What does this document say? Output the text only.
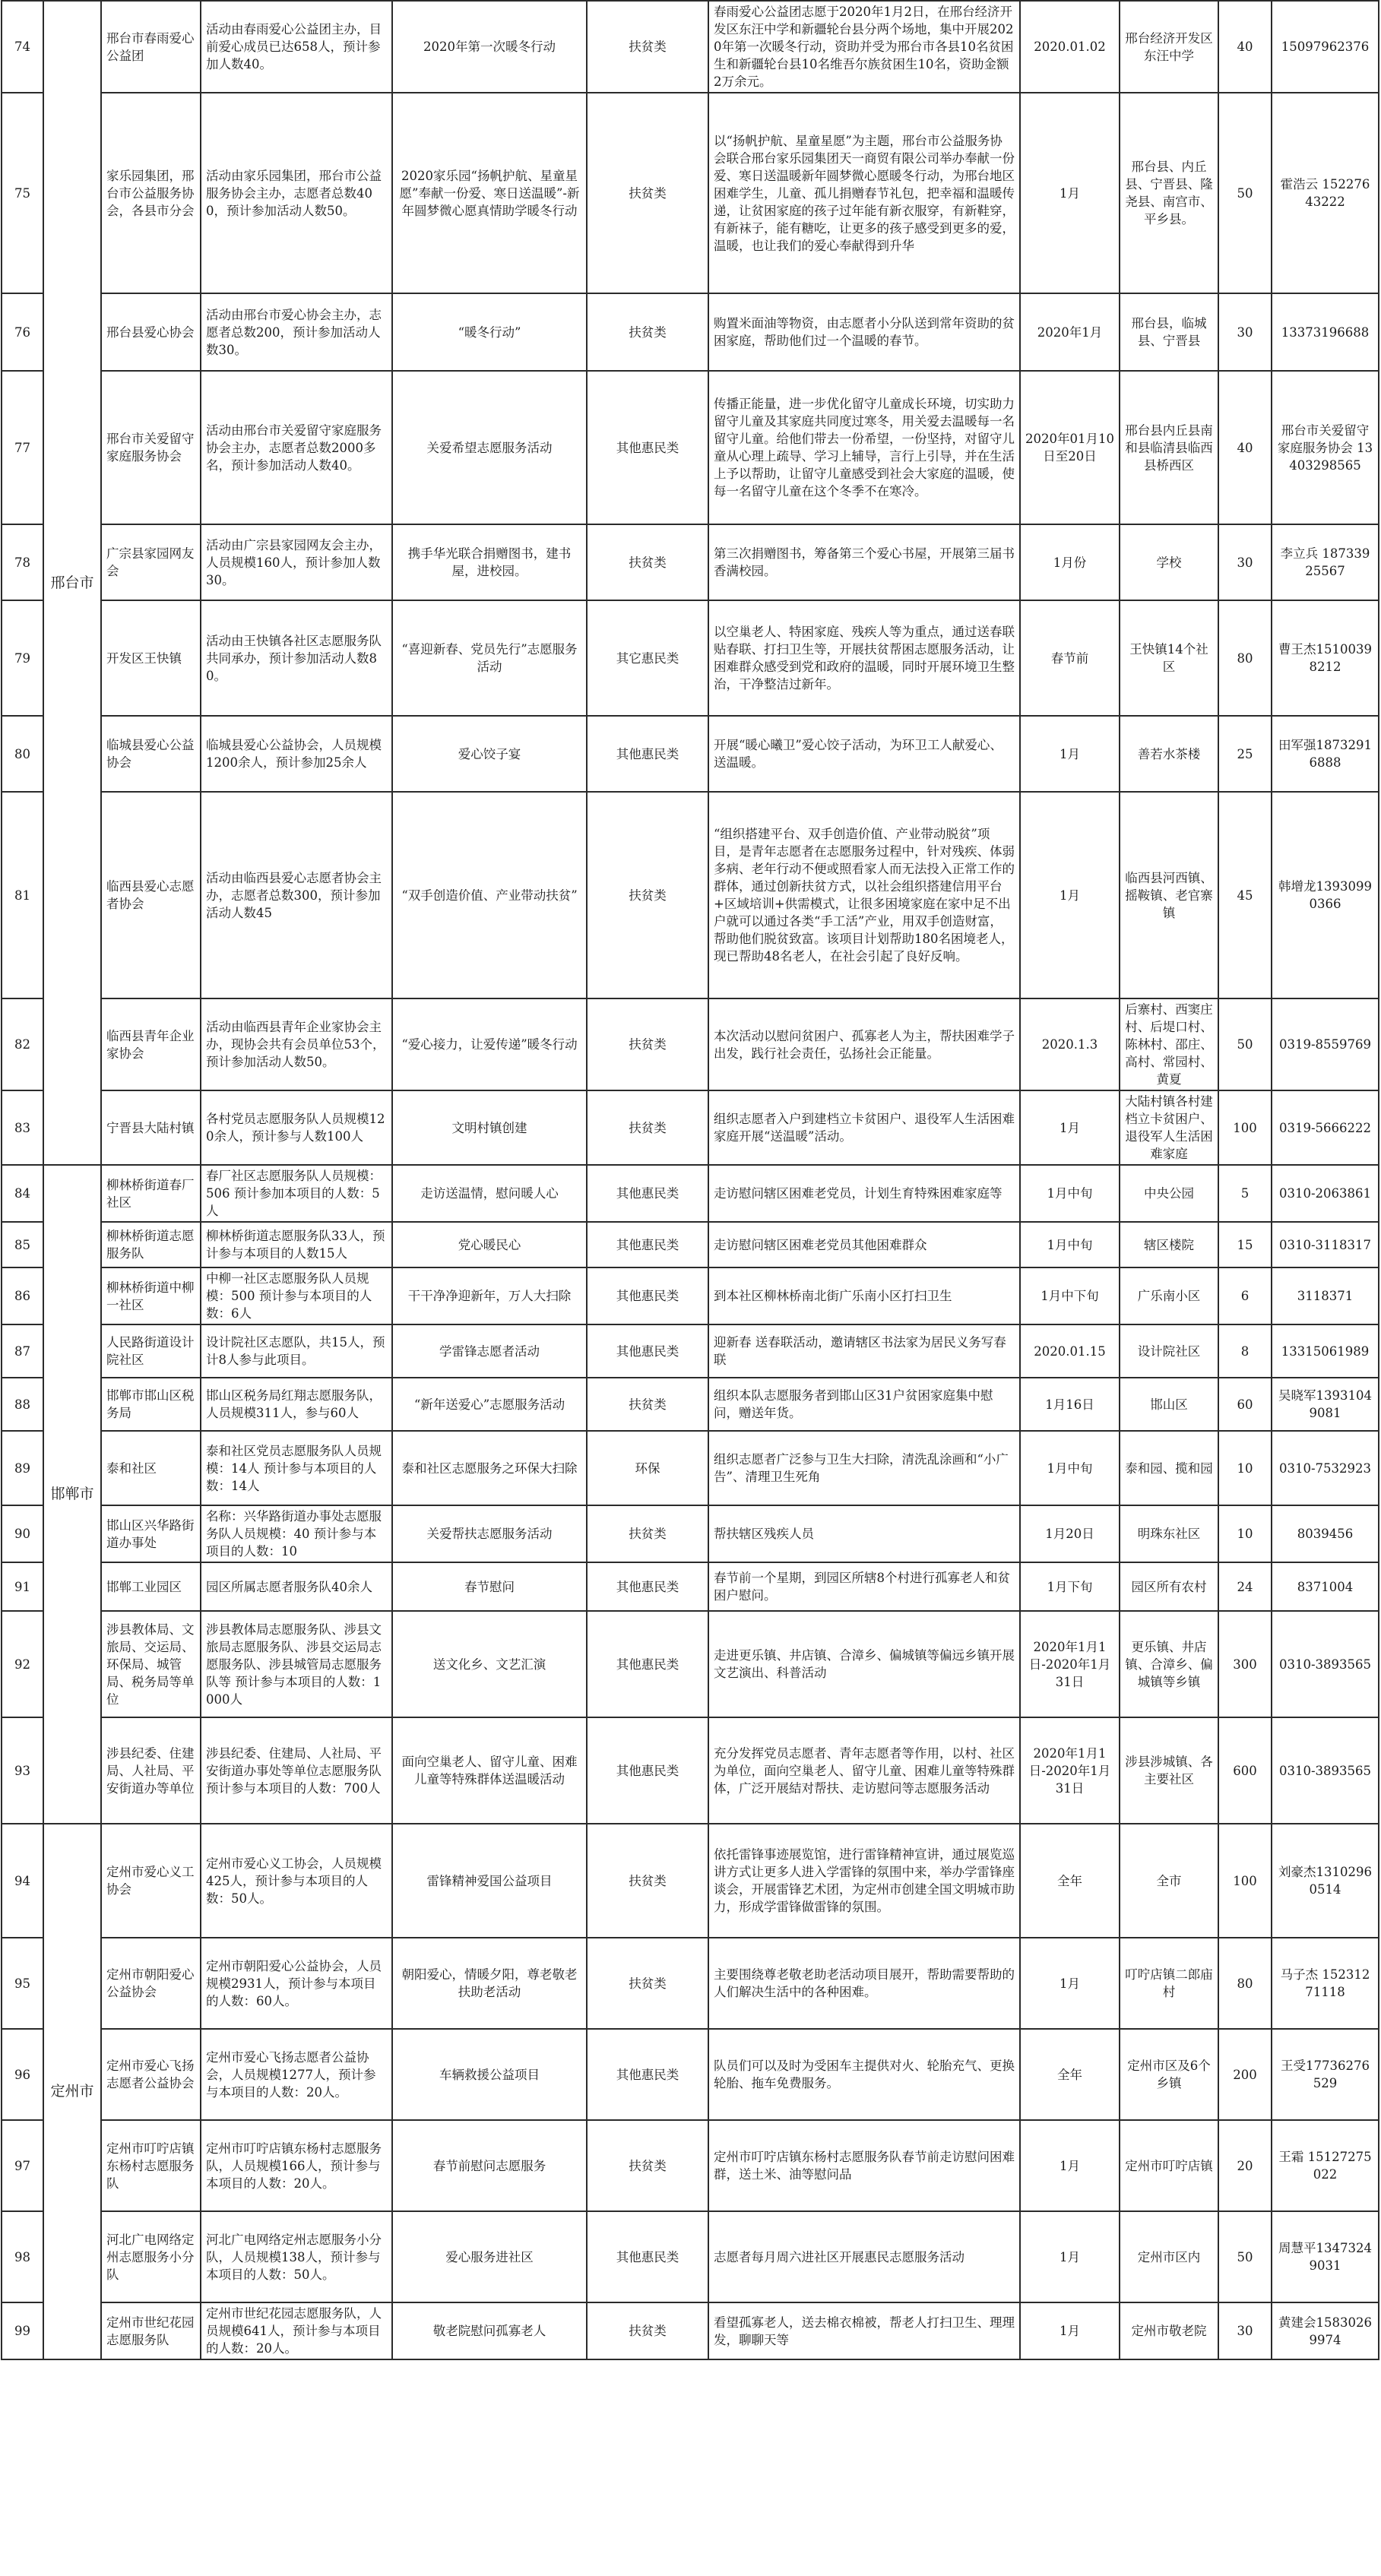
74	邢台市	邢台市春雨爱心公益团	活动由春雨爱心公益团主办，目前爱心成员已达658人，预计参加人数40。	2020年第一次暖冬行动	扶贫类	春雨爱心公益团志愿于2020年1月2日，在邢台经济开发区东汪中学和新疆轮台县分两个场地，集中开展2020年第一次暖冬行动，资助并受为邢台市各县10名贫困生和新疆轮台县10名维吾尔族贫困生10名，资助金额2万余元。	2020.01.02	邢台经济开发区东汪中学	40	15097962376
75		家乐园集团，邢台市公益服务协会，各县市分会	活动由家乐园集团，邢台市公益服务协会主办，志愿者总数400，预计参加活动人数50。	2020家乐园“扬帆护航、星童星愿”奉献一份爱、寒日送温暖”-新年圆梦微心愿真情助学暖冬行动	扶贫类	以“扬帆护航、星童星愿”为主题，邢台市公益服务协会联合邢台家乐园集团天一商贸有限公司举办奉献一份爱、寒日送温暖新年圆梦微心愿暖冬行动，为邢台地区困难学生，儿童、孤儿捐赠春节礼包，把幸福和温暖传递，让贫困家庭的孩子过年能有新衣服穿，有新鞋穿，有新袜子，能有糖吃，让更多的孩子感受到更多的爱，温暖，也让我们的爱心奉献得到升华	1月	邢台县、内丘县、宁晋县、隆尧县、南宫市、平乡县。	50	霍浩云 15227643222
76		邢台县爱心协会	活动由邢台市爱心协会主办，志愿者总数200，预计参加活动人数30。	“暖冬行动”	扶贫类	购置米面油等物资，由志愿者小分队送到常年资助的贫困家庭，帮助他们过一个温暖的春节。	2020年1月	邢台县，临城县、宁晋县	30	13373196688
77		邢台市关爱留守家庭服务协会	活动由邢台市关爱留守家庭服务协会主办，志愿者总数2000多名，预计参加活动人数40。	关爱希望志愿服务活动	其他惠民类	传播正能量，进一步优化留守儿童成长环境，切实助力留守儿童及其家庭共同度过寒冬，用关爱去温暖每一名留守儿童。给他们带去一份希望，一份坚持，对留守儿童从心理上疏导、学习上辅导，言行上引导，并在生活上予以帮助，让留守儿童感受到社会大家庭的温暖，使每一名留守儿童在这个冬季不在寒冷。	2020年01月10日至20日	邢台县内丘县南和县临清县临西县桥西区	40	邢台市关爱留守家庭服务协会 13403298565
78		广宗县家园网友会	活动由广宗县家园网友会主办，人员规模160人，预计参加人数30。	携手华光联合捐赠图书，建书屋，进校园。	扶贫类	第三次捐赠图书，筹备第三个爱心书屋，开展第三届书香满校园。	1月份	学校	30	李立兵 18733925567
79		开发区王快镇	活动由王快镇各社区志愿服务队共同承办，预计参加活动人数80。	“喜迎新春、党员先行”志愿服务活动	其它惠民类	以空巢老人、特困家庭、残疾人等为重点，通过送春联贴春联、打扫卫生等，开展扶贫帮困志愿服务活动，让困难群众感受到党和政府的温暖，同时开展环境卫生整治，干净整洁过新年。	春节前	王快镇14个社区	80	曹王杰15100398212
80		临城县爱心公益协会	临城县爱心公益协会，人员规模1200余人，预计参加25余人	爱心饺子宴	其他惠民类	开展“暖心曦卫”爱心饺子活动，为环卫工人献爱心、送温暖。	1月	善若水茶楼	25	田军强18732916888
81		临西县爱心志愿者协会	活动由临西县爱心志愿者协会主办，志愿者总数300，预计参加活动人数45	“双手创造价值、产业带动扶贫”	扶贫类	“组织搭建平台、双手创造价值、产业带动脱贫”项目，是青年志愿者在志愿服务过程中，针对残疾、体弱多病、老年行动不便或照看家人而无法投入正常工作的群体，通过创新扶贫方式，以社会组织搭建信用平台+区域培训+供需模式，让很多困境家庭在家中足不出户就可以通过各类“手工活”产业，用双手创造财富，帮助他们脱贫致富。该项目计划帮助180名困境老人，现已帮助48名老人，在社会引起了良好反响。	1月	临西县河西镇、摇鞍镇、老官寨镇	45	韩增龙13930990366
82		临西县青年企业家协会	活动由临西县青年企业家协会主办，现协会共有会员单位53个，预计参加活动人数50。	“爱心接力，让爱传递”暖冬行动	扶贫类	本次活动以慰问贫困户、孤寡老人为主，帮扶困难学子出发，践行社会责任，弘扬社会正能量。	2020.1.3	后寨村、西窦庄村、后堤口村、陈林村、邵庄、高村、常园村、黄夏	50	0319-8559769
83		宁晋县大陆村镇	各村党员志愿服务队人员规模120余人，预计参与人数100人	文明村镇创建	扶贫类	组织志愿者入户到建档立卡贫困户、退役军人生活困难家庭开展“送温暖”活动。	1月	大陆村镇各村建档立卡贫困户、退役军人生活困难家庭	100	0319-5666222
84	邯郸市	柳林桥街道春厂社区	春厂社区志愿服务队人员规模：506 预计参加本项目的人数：5人	走访送温情，慰问暖人心	其他惠民类	走访慰问辖区困难老党员，计划生育特殊困难家庭等	1月中旬	中央公园	5	0310-2063861
85		柳林桥街道志愿服务队	柳林桥街道志愿服务队33人，预计参与本项目的人数15人	党心暖民心	其他惠民类	走访慰问辖区困难老党员其他困难群众	1月中旬	辖区楼院	15	0310-3118317
86		柳林桥街道中柳一社区	中柳一社区志愿服务队人员规模：500 预计参与本项目的人数：6人	干干净净迎新年，万人大扫除	其他惠民类	到本社区柳林桥南北街广乐南小区打扫卫生	1月中下旬	广乐南小区	6	3118371
87		人民路街道设计院社区	设计院社区志愿队，共15人，预计8人参与此项目。	学雷锋志愿者活动	其他惠民类	迎新春 送春联活动，邀请辖区书法家为居民义务写春联	2020.01.15	设计院社区	8	13315061989
88		邯郸市邯山区税务局	邯山区税务局红翔志愿服务队，人员规模311人，参与60人	“新年送爱心”志愿服务活动	扶贫类	组织本队志愿服务者到邯山区31户贫困家庭集中慰问，赠送年货。	1月16日	邯山区	60	吴晓军13931049081
89		泰和社区	泰和社区党员志愿服务队人员规模：14人 预计参与本项目的人数：14人	泰和社区志愿服务之环保大扫除	环保	组织志愿者广泛参与卫生大扫除，清洗乱涂画和“小广告”、清理卫生死角	1月中旬	泰和园、揽和园	10	0310-7532923
90		邯山区兴华路街道办事处	名称：兴华路街道办事处志愿服务队人员规模：40 预计参与本项目的人数：10	关爱帮扶志愿服务活动	扶贫类	帮扶辖区残疾人员	1月20日	明珠东社区	10	8039456
91		邯郸工业园区	园区所属志愿者服务队40余人	春节慰问	其他惠民类	春节前一个星期，到园区所辖8个村进行孤寡老人和贫困户慰问。	1月下旬	园区所有农村	24	8371004
92		涉县教体局、文旅局、交运局、环保局、城管局、税务局等单位	涉县教体局志愿服务队、涉县文旅局志愿服务队、涉县交运局志愿服务队、涉县城管局志愿服务队等 预计参与本项目的人数：1000人	送文化乡、文艺汇演	其他惠民类	走进更乐镇、井店镇、合漳乡、偏城镇等偏远乡镇开展文艺演出、科普活动	2020年1月1日-2020年1月31日	更乐镇、井店镇、合漳乡、偏城镇等乡镇	300	0310-3893565
93		涉县纪委、住建局、人社局、平安街道办等单位	涉县纪委、住建局、人社局、平安街道办事处等单位志愿服务队 预计参与本项目的人数：700人	面向空巢老人、留守儿童、困难儿童等特殊群体送温暖活动	其他惠民类	充分发挥党员志愿者、青年志愿者等作用，以村、社区为单位，面向空巢老人、留守儿童、困难儿童等特殊群体，广泛开展結对帮扶、走访慰问等志愿服务活动	2020年1月1日-2020年1月31日	涉县涉城镇、各主要社区	600	0310-3893565
94	定州市	定州市爱心义工协会	定州市爱心义工协会，人员规模425人，预计参与本项目的人数：50人。	雷锋精神爱国公益项目	扶贫类	依托雷锋事迹展览馆，进行雷锋精神宣讲，通过展览巡讲方式让更多人进入学雷锋的氛围中来，举办学雷锋座谈会，开展雷锋艺术团，为定州市创建全国文明城市助力，形成学雷锋做雷锋的氛围。	全年	全市	100	刘豪杰13102960514
95		定州市朝阳爱心公益协会	定州市朝阳爱心公益协会，人员规模2931人，预计参与本项目的人数：60人。	朝阳爱心，情暖夕阳，尊老敬老扶助老活动	扶贫类	主要围绕尊老敬老助老活动项目展开，帮助需要帮助的人们解决生活中的各种困难。	1月	叮咛店镇二郎庙村	80	马子杰 15231271118
96		定州市爱心飞扬志愿者公益协会	定州市爱心飞扬志愿者公益协会，人员规模1277人，预计参与本项目的人数：20人。	车辆救援公益项目	其他惠民类	队员们可以及时为受困车主提供对火、轮胎充气、更换轮胎、拖车免费服务。	全年	定州市区及6个乡镇	200	王受17736276529
97		定州市叮咛店镇东杨村志愿服务队	定州市叮咛店镇东杨村志愿服务队，人员规模166人，预计参与本项目的人数：20人。	春节前慰问志愿服务	扶贫类	定州市叮咛店镇东杨村志愿服务队春节前走访慰问困难群，送土米、油等慰问品	1月	定州市叮咛店镇	20	王霜 15127275022
98		河北广电网络定州志愿服务小分队	河北广电网络定州志愿服务小分队，人员规模138人，预计参与本项目的人数：50人。	爱心服务进社区	其他惠民类	志愿者每月周六进社区开展惠民志愿服务活动	1月	定州市区内	50	周慧平13473249031
99		定州市世纪花园志愿服务队	定州市世纪花园志愿服务队，人员规模641人，预计参与本项目的人数：20人。	敬老院慰问孤寡老人	扶贫类	看望孤寡老人，送去棉衣棉被，帮老人打扫卫生、理理发，聊聊天等	1月	定州市敬老院	30	黄建会15830269974
